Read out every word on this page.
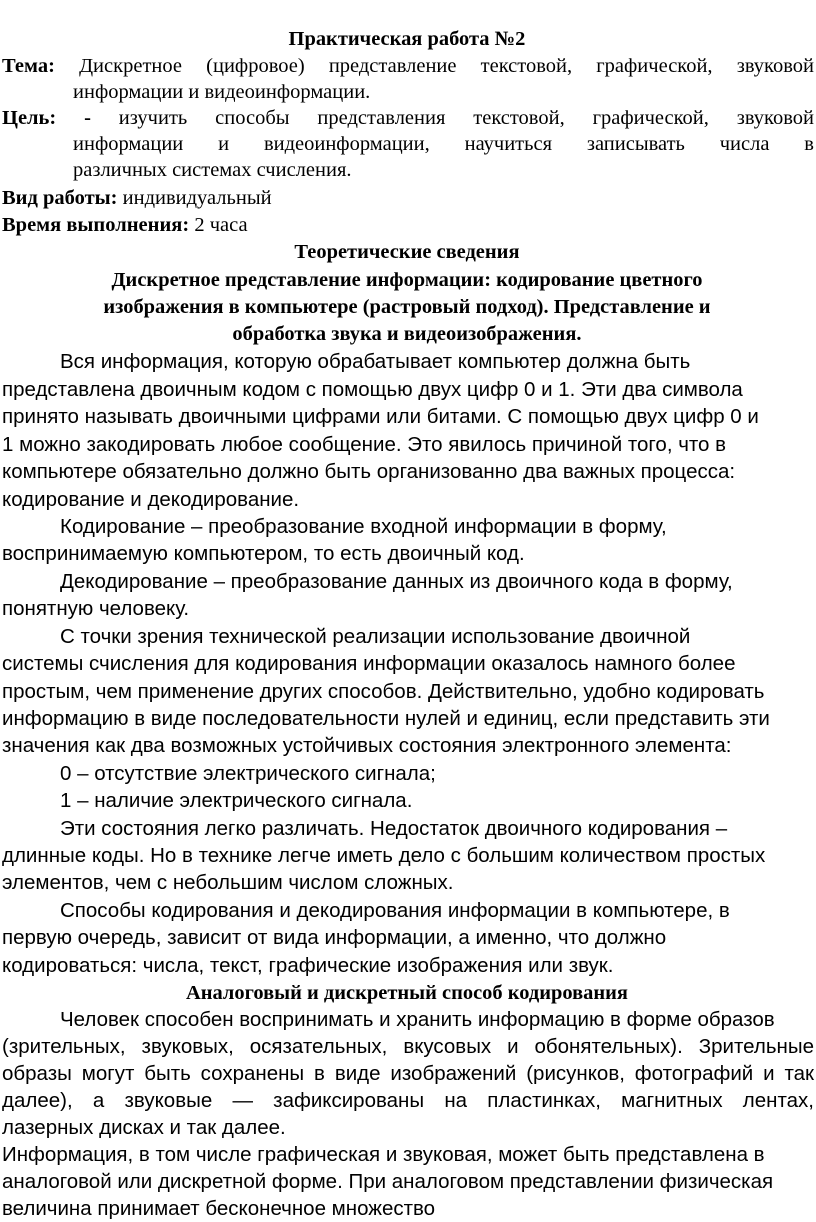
Практическая работа №2
Тема: Дискретное (цифровое) представление текстовой, графической, звуковой
информации и видеоинформации.
Цель: - изучить способы представления текстовой, графической, звуковой
информации и видеоинформации, научиться записывать числа в
различных системах счисления.
Вид работы: индивидуальный
Время выполнения: 2 часа
Теоретические сведения
Дискретное представление информации: кодирование цветного
изображения в компьютере (растровый подход). Представление и
обработка звука и видеоизображения.
Вся информация, которую обрабатывает компьютер должна быть
представлена двоичным кодом с помощью двух цифр 0 и 1. Эти два символа
принято называть двоичными цифрами или битами. С помощью двух цифр 0 и
1 можно закодировать любое сообщение. Это явилось причиной того, что в
компьютере обязательно должно быть организованно два важных процесса:
кодирование и декодирование.
Кодирование – преобразование входной информации в форму,
воспринимаемую компьютером, то есть двоичный код.
Декодирование – преобразование данных из двоичного кода в форму,
понятную человеку.
С точки зрения технической реализации использование двоичной
системы счисления для кодирования информации оказалось намного более
простым, чем применение других способов. Действительно, удобно кодировать
информацию в виде последовательности нулей и единиц, если представить эти
значения как два возможных устойчивых состояния электронного элемента:
0 – отсутствие электрического сигнала;
1 – наличие электрического сигнала.
Эти состояния легко различать. Недостаток двоичного кодирования –
длинные коды. Но в технике легче иметь дело с большим количеством простых
элементов, чем с небольшим числом сложных.
Способы кодирования и декодирования информации в компьютере, в
первую очередь, зависит от вида информации, а именно, что должно
кодироваться: числа, текст, графические изображения или звук.
Аналоговый и дискретный способ кодирования
Человек способен воспринимать и хранить информацию в форме образов
(зрительных, звуковых, осязательных, вкусовых и обонятельных). Зрительные
образы могут быть сохранены в виде изображений (рисунков, фотографий и так
далее), а звуковые — зафиксированы на пластинках, магнитных лентах,
лазерных дисках и так далее.
Информация, в том числе графическая и звуковая, может быть представлена в
аналоговой или дискретной форме. При аналоговом представлении физическая
величина принимает бесконечное множество
